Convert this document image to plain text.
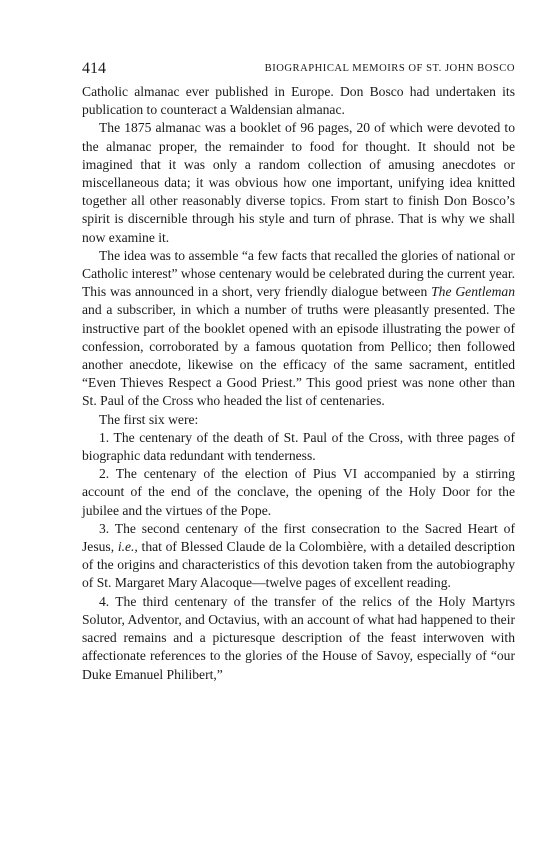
414	BIOGRAPHICAL MEMOIRS OF ST. JOHN BOSCO

Catholic almanac ever published in Europe. Don Bosco had undertaken its publication to counteract a Waldensian almanac.

The 1875 almanac was a booklet of 96 pages, 20 of which were devoted to the almanac proper, the remainder to food for thought. It should not be imagined that it was only a random collection of amusing anecdotes or miscellaneous data; it was obvious how one important, unifying idea knitted together all other reasonably diverse topics. From start to finish Don Bosco’s spirit is discernible through his style and turn of phrase. That is why we shall now examine it.

The idea was to assemble “a few facts that recalled the glories of national or Catholic interest” whose centenary would be celebrated during the current year. This was announced in a short, very friendly dialogue between The Gentleman and a subscriber, in which a number of truths were pleasantly presented. The instructive part of the booklet opened with an episode illustrating the power of confession, corroborated by a famous quotation from Pellico; then followed another anecdote, likewise on the efficacy of the same sacrament, entitled “Even Thieves Respect a Good Priest.” This good priest was none other than St. Paul of the Cross who headed the list of centenaries.

The first six were:

1. The centenary of the death of St. Paul of the Cross, with three pages of biographic data redundant with tenderness.

2. The centenary of the election of Pius VI accompanied by a stirring account of the end of the conclave, the opening of the Holy Door for the jubilee and the virtues of the Pope.

3. The second centenary of the first consecration to the Sacred Heart of Jesus, i.e., that of Blessed Claude de la Colombière, with a detailed description of the origins and characteristics of this devotion taken from the autobiography of St. Margaret Mary Alacoque—twelve pages of excellent reading.

4. The third centenary of the transfer of the relics of the Holy Martyrs Solutor, Adventor, and Octavius, with an account of what had happened to their sacred remains and a picturesque description of the feast interwoven with affectionate references to the glories of the House of Savoy, especially of “our Duke Emanuel Philibert,”
